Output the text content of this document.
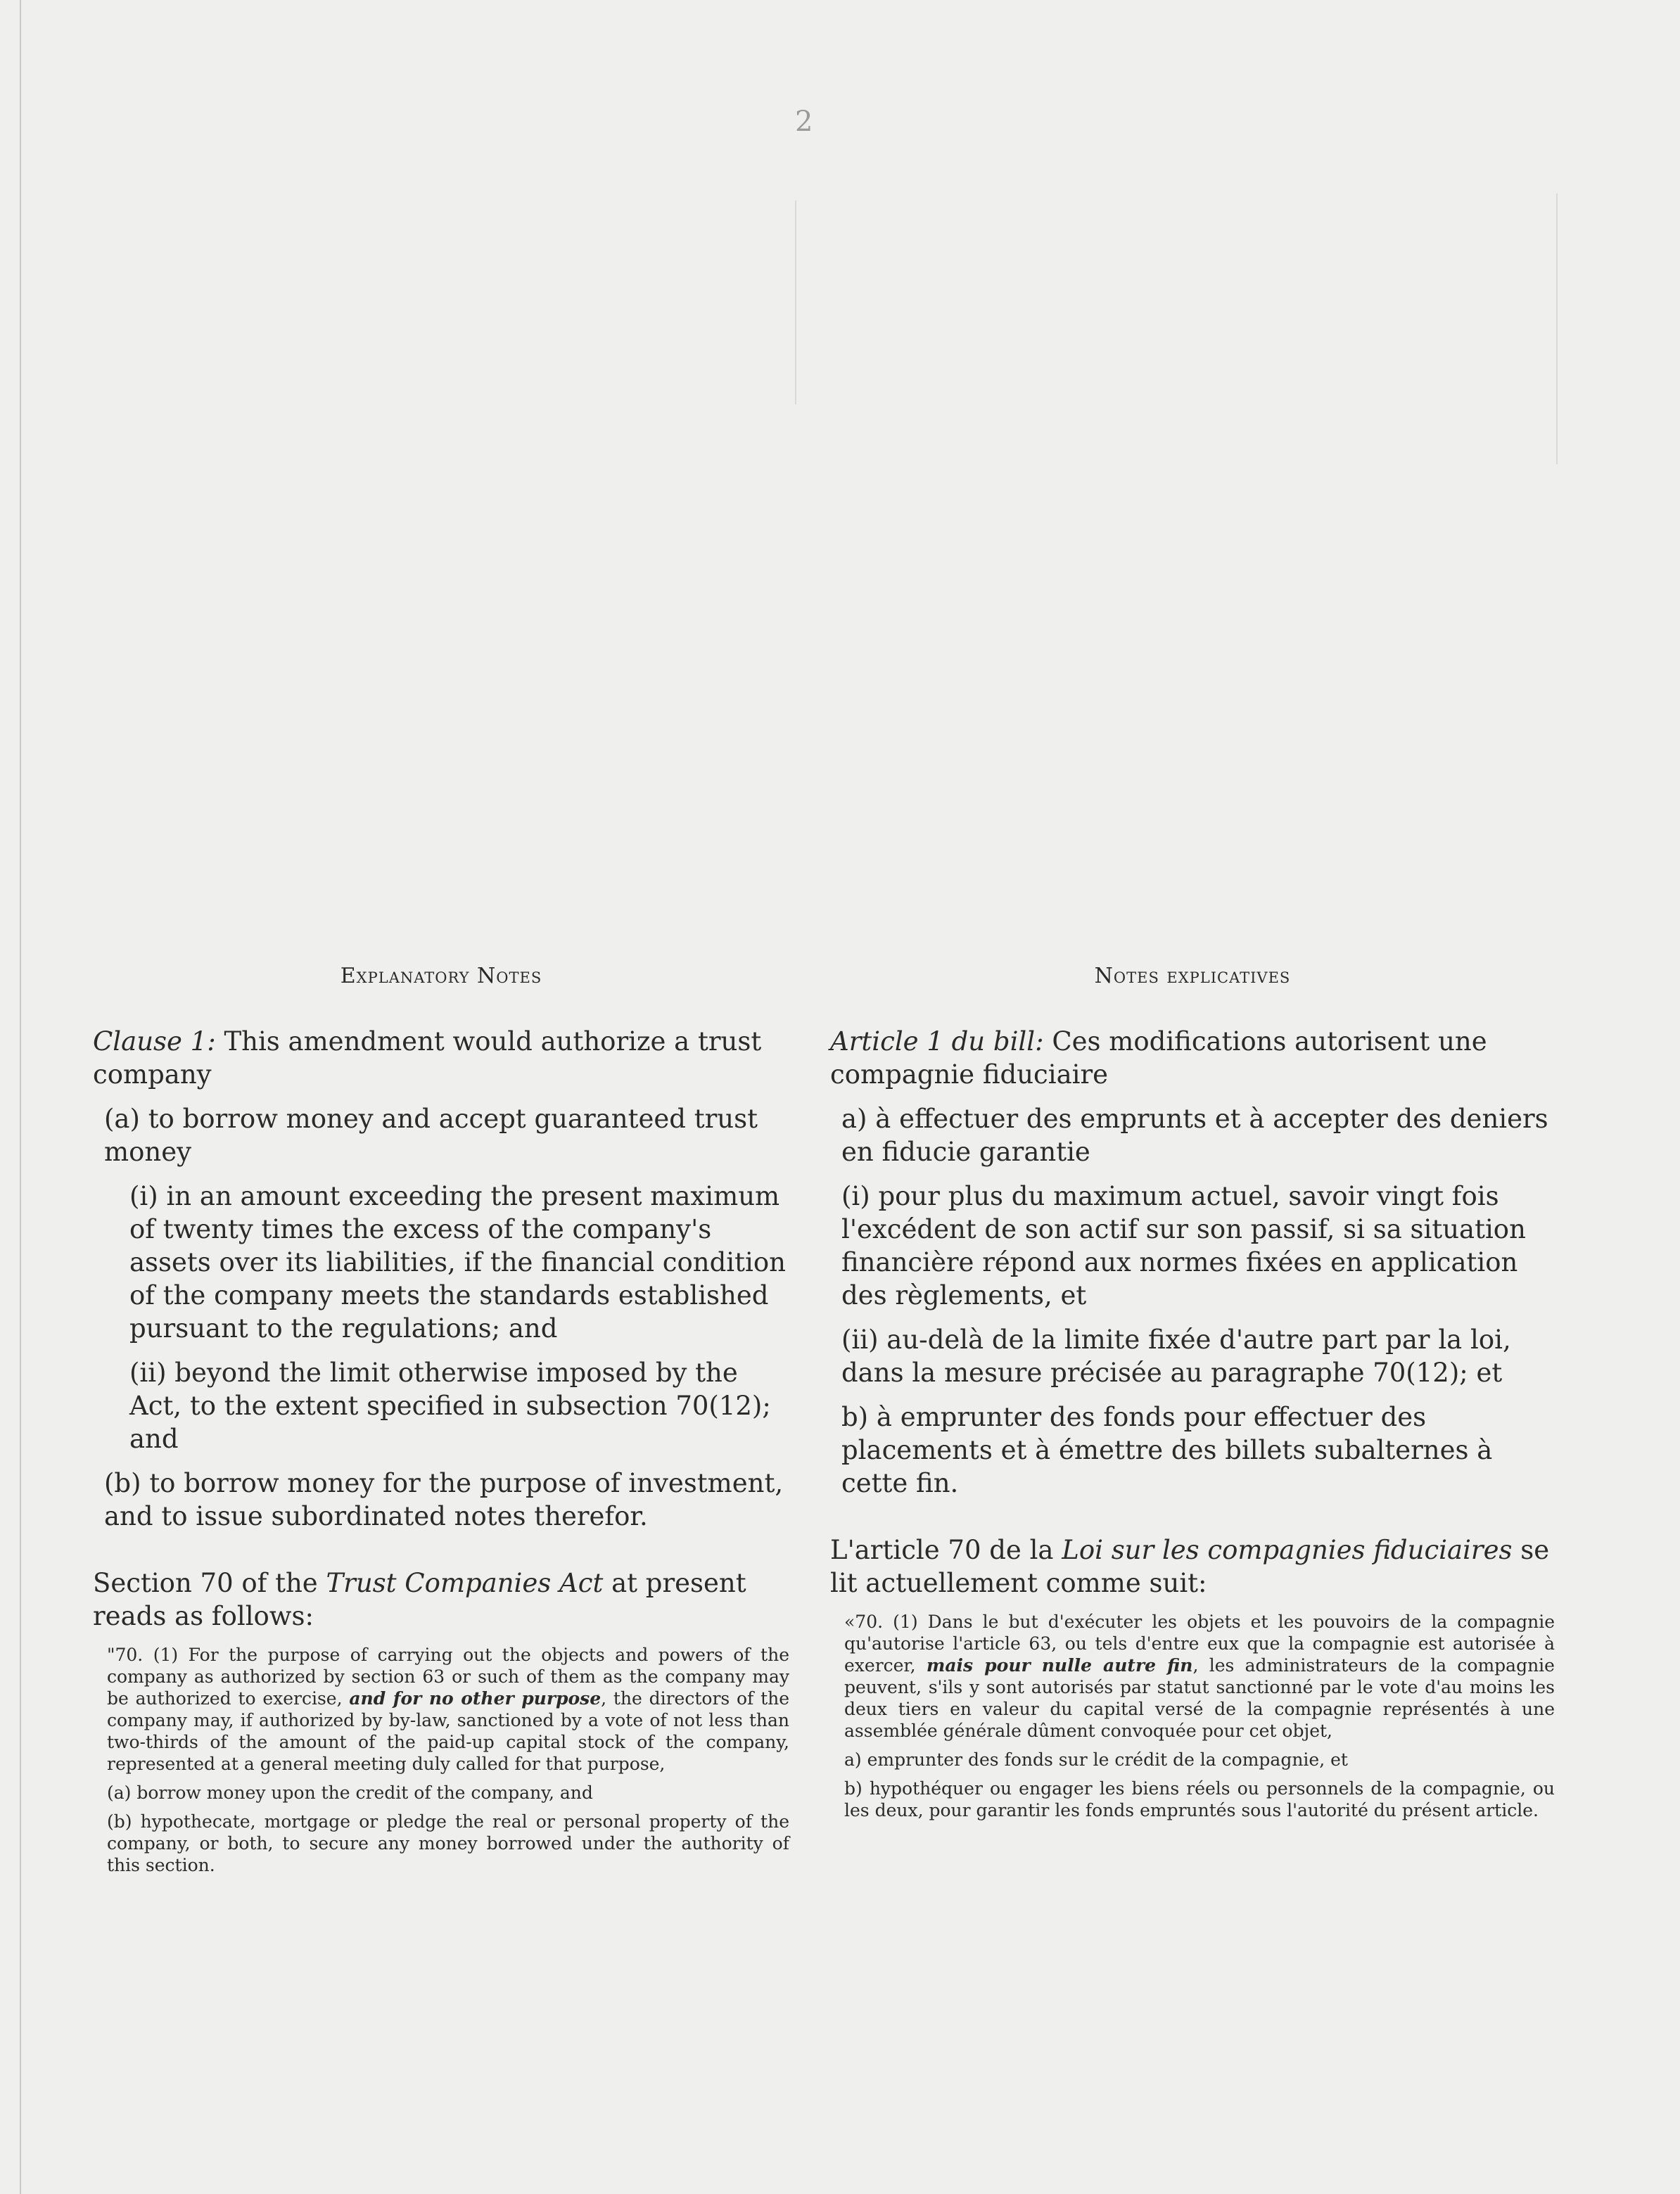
2
Explanatory Notes

Clause 1: This amendment would authorize a trust company

(a) to borrow money and accept guaranteed trust money

(i) in an amount exceeding the present maximum of twenty times the excess of the company's assets over its liabilities, if the financial condition of the company meets the standards established pursuant to the regulations; and

(ii) beyond the limit otherwise imposed by the Act, to the extent specified in subsection 70(12); and

(b) to borrow money for the purpose of investment, and to issue subordinated notes therefor.

Section 70 of the Trust Companies Act at present reads as follows:

"70. (1) For the purpose of carrying out the objects and powers of the company as authorized by section 63 or such of them as the company may be authorized to exercise, and for no other purpose, the directors of the company may, if authorized by by-law, sanctioned by a vote of not less than two-thirds of the amount of the paid-up capital stock of the company, represented at a general meeting duly called for that purpose,

(a) borrow money upon the credit of the company, and

(b) hypothecate, mortgage or pledge the real or personal property of the company, or both, to secure any money borrowed under the authority of this section.

Notes explicatives

Article 1 du bill: Ces modifications autorisent une compagnie fiduciaire

a) à effectuer des emprunts et à accepter des deniers en fiducie garantie

(i) pour plus du maximum actuel, savoir vingt fois l'excédent de son actif sur son passif, si sa situation financière répond aux normes fixées en application des règlements, et

(ii) au-delà de la limite fixée d'autre part par la loi, dans la mesure précisée au paragraphe 70(12); et

b) à emprunter des fonds pour effectuer des placements et à émettre des billets subalternes à cette fin.

L'article 70 de la Loi sur les compagnies fiduciaires se lit actuellement comme suit:

«70. (1) Dans le but d'exécuter les objets et les pouvoirs de la compagnie qu'autorise l'article 63, ou tels d'entre eux que la compagnie est autorisée à exercer, mais pour nulle autre fin, les administrateurs de la compagnie peuvent, s'ils y sont autorisés par statut sanctionné par le vote d'au moins les deux tiers en valeur du capital versé de la compagnie représentés à une assemblée générale dûment convoquée pour cet objet,

a) emprunter des fonds sur le crédit de la compagnie, et

b) hypothéquer ou engager les biens réels ou personnels de la compagnie, ou les deux, pour garantir les fonds empruntés sous l'autorité du présent article.
